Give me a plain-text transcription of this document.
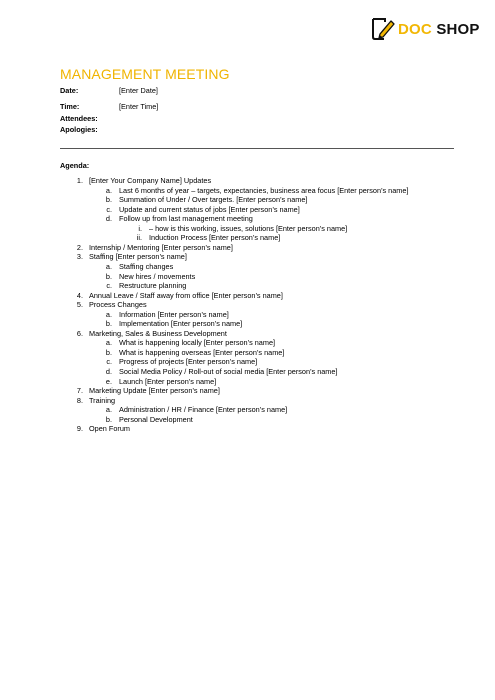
DOC SHOP
MANAGEMENT MEETING
Date:	[Enter Date]
Time:	[Enter Time]
Attendees:
Apologies:
Agenda:
1. [Enter Your Company Name] Updates
a. Last 6 months of year – targets, expectancies, business area focus [Enter person’s name]
b. Summation of Under / Over targets. [Enter person’s name]
c. Update and current status of jobs [Enter person’s name]
d. Follow up from last management meeting
i. – how is this working, issues, solutions [Enter person’s name]
ii. Induction Process [Enter person’s name]
2. Internship / Mentoring [Enter person’s name]
3. Staffing [Enter person’s name]
a. Staffing changes
b. New hires / movements
c. Restructure planning
4. Annual Leave / Staff away from office [Enter person’s name]
5. Process Changes
a. Information [Enter person’s name]
b. Implementation [Enter person’s name]
6. Marketing, Sales & Business Development
a. What is happening locally [Enter person’s name]
b. What is happening overseas [Enter person’s name]
c. Progress of projects [Enter person’s name]
d. Social Media Policy / Roll-out of social media [Enter person’s name]
e. Launch [Enter person’s name]
7. Marketing Update [Enter person’s name]
8. Training
a. Administration / HR / Finance [Enter person’s name]
b. Personal Development
9. Open Forum
